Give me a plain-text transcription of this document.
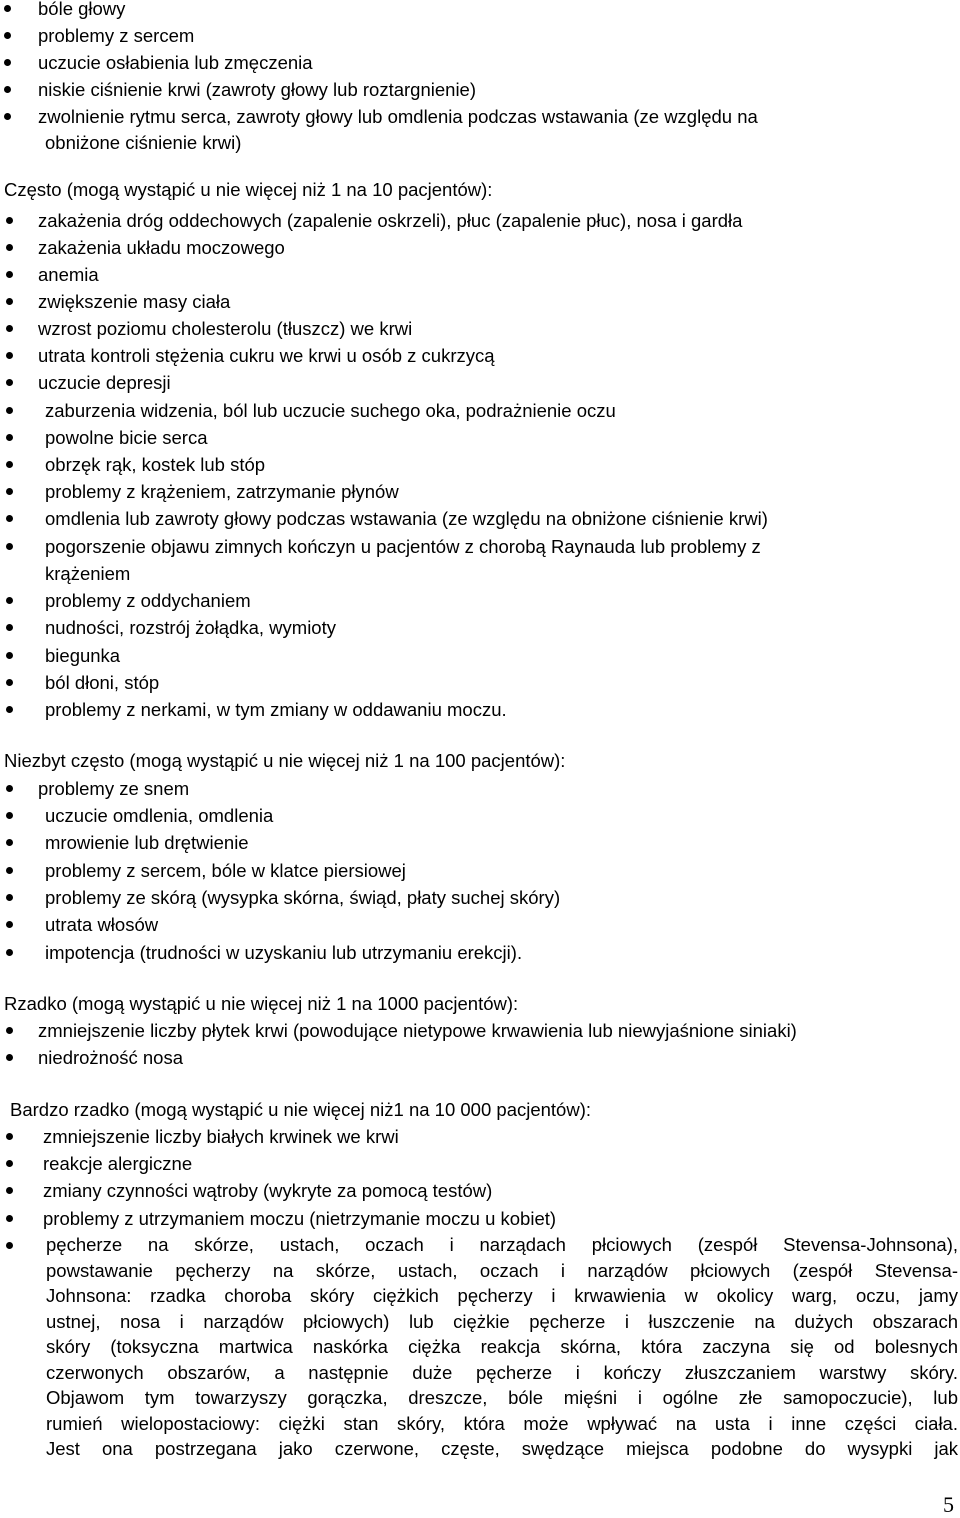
bóle głowy
problemy z sercem
uczucie osłabienia lub zmęczenia
niskie ciśnienie krwi (zawroty głowy lub roztargnienie)
zwolnienie rytmu serca, zawroty głowy lub omdlenia podczas wstawania (ze względu na
obniżone ciśnienie krwi)
Często (mogą wystąpić u nie więcej niż 1 na 10 pacjentów):
zakażenia dróg oddechowych (zapalenie oskrzeli), płuc (zapalenie płuc), nosa i gardła
zakażenia układu moczowego
anemia
zwiększenie masy ciała
wzrost poziomu cholesterolu (tłuszcz) we krwi
utrata kontroli stężenia cukru we krwi u osób z cukrzycą
uczucie depresji
zaburzenia widzenia, ból lub uczucie suchego oka, podrażnienie oczu
powolne bicie serca
obrzęk rąk, kostek lub stóp
problemy z krążeniem, zatrzymanie płynów
omdlenia lub zawroty głowy podczas wstawania (ze względu na obniżone ciśnienie krwi)
pogorszenie objawu zimnych kończyn u pacjentów z chorobą Raynauda lub problemy z
krążeniem
problemy z oddychaniem
nudności, rozstrój żołądka, wymioty
biegunka
ból dłoni, stóp
problemy z nerkami, w tym zmiany w oddawaniu moczu.
Niezbyt często (mogą wystąpić u nie więcej niż 1 na 100 pacjentów):
problemy ze snem
uczucie omdlenia, omdlenia
mrowienie lub drętwienie
problemy z sercem, bóle w klatce piersiowej
problemy ze skórą (wysypka skórna, świąd, płaty suchej skóry)
utrata włosów
impotencja (trudności w uzyskaniu lub utrzymaniu erekcji).
Rzadko (mogą wystąpić u nie więcej niż 1 na 1000 pacjentów):
zmniejszenie liczby płytek krwi (powodujące nietypowe krwawienia lub niewyjaśnione siniaki)
niedrożność nosa
Bardzo rzadko (mogą wystąpić u nie więcej niż1 na 10 000 pacjentów):
zmniejszenie liczby białych krwinek we krwi
reakcje alergiczne
zmiany czynności wątroby (wykryte za pomocą testów)
problemy z utrzymaniem moczu (nietrzymanie moczu u kobiet)
pęcherze na skórze, ustach, oczach i narządach płciowych (zespół Stevensa-Johnsona),
powstawanie pęcherzy na skórze, ustach, oczach i narządów płciowych (zespół Stevensa-
Johnsona: rzadka choroba skóry ciężkich pęcherzy i krwawienia w okolicy warg, oczu, jamy
ustnej, nosa i narządów płciowych) lub ciężkie pęcherze i łuszczenie na dużych obszarach
skóry (toksyczna martwica naskórka ciężka reakcja skórna, która zaczyna się od bolesnych
czerwonych obszarów, a następnie duże pęcherze i kończy złuszczaniem warstwy skóry.
Objawom tym towarzyszy gorączka, dreszcze, bóle mięśni i ogólne złe samopoczucie), lub
rumień wielopostaciowy: ciężki stan skóry, która może wpływać na usta i inne części ciała.
Jest ona postrzegana jako czerwone, częste, swędzące miejsca podobne do wysypki jak
5
